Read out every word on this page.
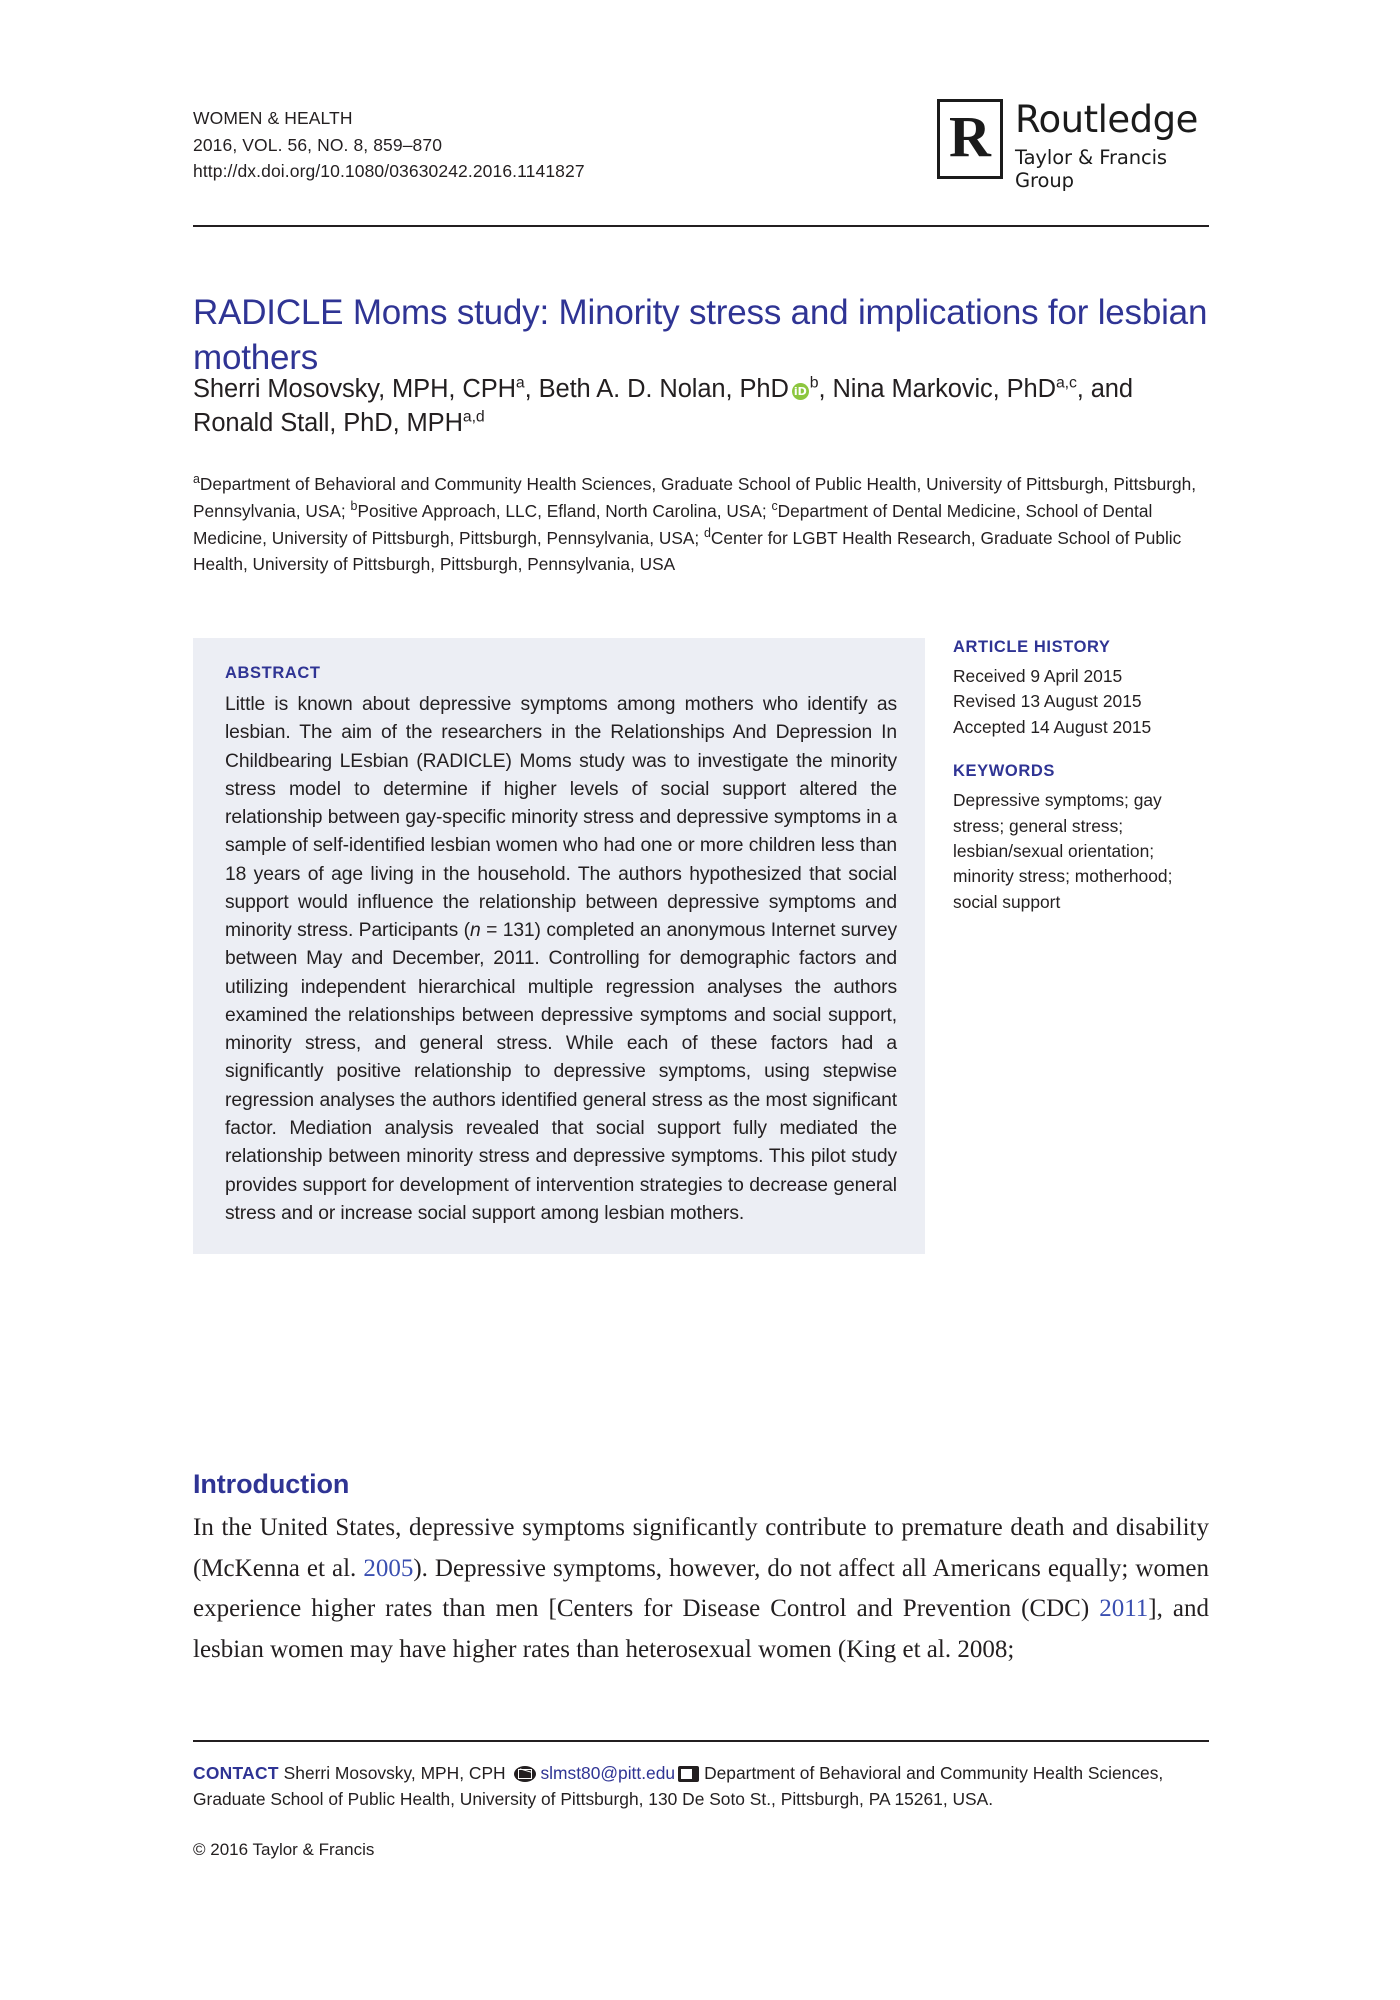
WOMEN & HEALTH
2016, VOL. 56, NO. 8, 859–870
http://dx.doi.org/10.1080/03630242.2016.1141827
R Routledge
Taylor & Francis Group
RADICLE Moms study: Minority stress and implications for lesbian mothers
Sherri Mosovsky, MPH, CPH$^a$, Beth A. D. Nolan, PhD iD $^b$, Nina Markovic, PhD$^{a,c}$, and Ronald Stall, PhD, MPH$^{a,d}$
$^a$Department of Behavioral and Community Health Sciences, Graduate School of Public Health, University of Pittsburgh, Pittsburgh, Pennsylvania, USA; $^b$Positive Approach, LLC, Efland, North Carolina, USA; $^c$Department of Dental Medicine, School of Dental Medicine, University of Pittsburgh, Pittsburgh, Pennsylvania, USA; $^d$Center for LGBT Health Research, Graduate School of Public Health, University of Pittsburgh, Pittsburgh, Pennsylvania, USA
ABSTRACT
Little is known about depressive symptoms among mothers who identify as lesbian. The aim of the researchers in the Relationships And Depression In Childbearing LEsbian (RADICLE) Moms study was to investigate the minority stress model to determine if higher levels of social support altered the relationship between gay-specific minority stress and depressive symptoms in a sample of self-identified lesbian women who had one or more children less than 18 years of age living in the household. The authors hypothesized that social support would influence the relationship between depressive symptoms and minority stress. Participants (n = 131) completed an anonymous Internet survey between May and December, 2011. Controlling for demographic factors and utilizing independent hierarchical multiple regression analyses the authors examined the relationships between depressive symptoms and social support, minority stress, and general stress. While each of these factors had a significantly positive relationship to depressive symptoms, using stepwise regression analyses the authors identified general stress as the most significant factor. Mediation analysis revealed that social support fully mediated the relationship between minority stress and depressive symptoms. This pilot study provides support for development of intervention strategies to decrease general stress and or increase social support among lesbian mothers.
ARTICLE HISTORY
Received 9 April 2015
Revised 13 August 2015
Accepted 14 August 2015
KEYWORDS
Depressive symptoms; gay stress; general stress; lesbian/sexual orientation; minority stress; motherhood; social support
Introduction
In the United States, depressive symptoms significantly contribute to premature death and disability (McKenna et al. 2005). Depressive symptoms, however, do not affect all Americans equally; women experience higher rates than men [Centers for Disease Control and Prevention (CDC) 2011], and lesbian women may have higher rates than heterosexual women (King et al. 2008;
CONTACT Sherri Mosovsky, MPH, CPH slmst80@pitt.edu Department of Behavioral and Community Health Sciences, Graduate School of Public Health, University of Pittsburgh, 130 De Soto St., Pittsburgh, PA 15261, USA.
© 2016 Taylor & Francis
